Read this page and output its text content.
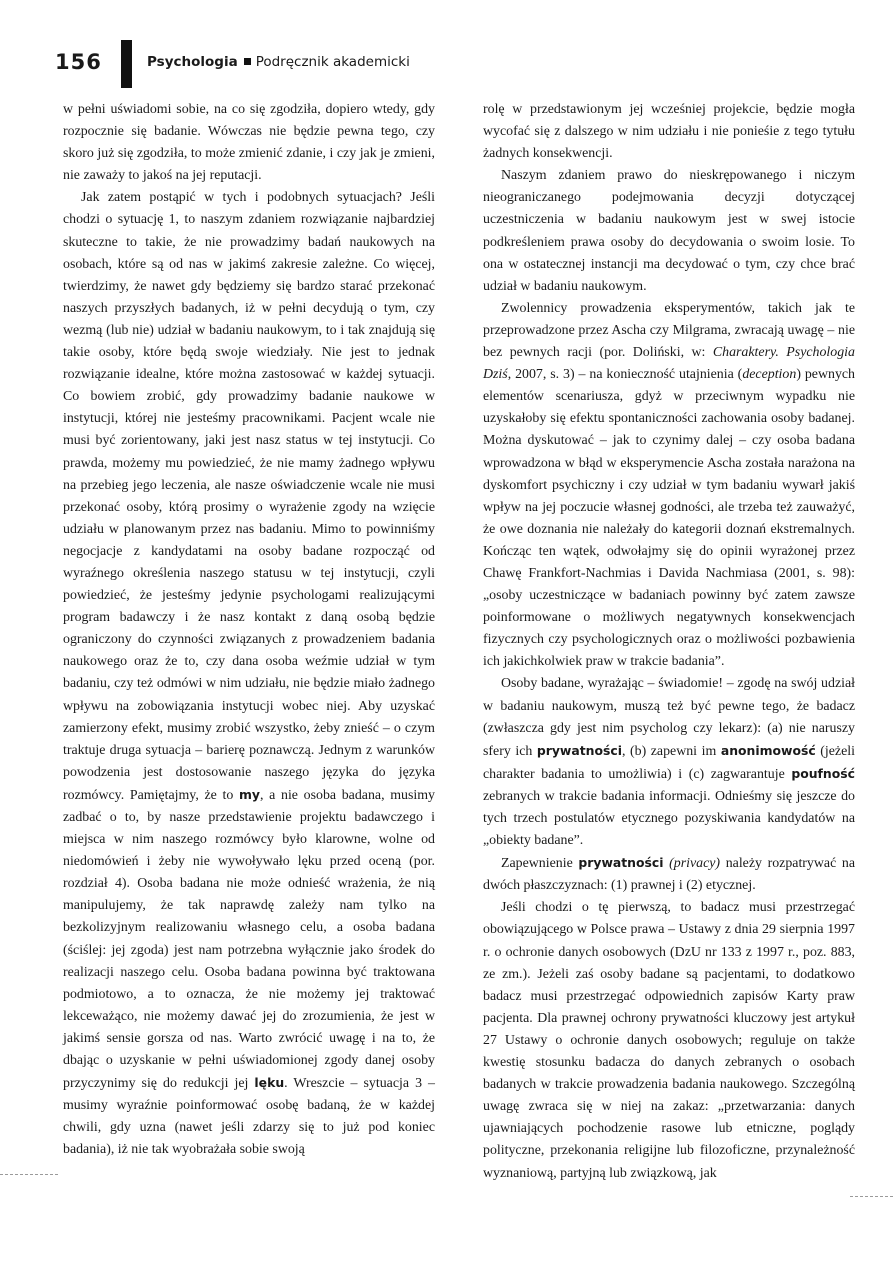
156	Psychologia Podręcznik akademicki

w pełni uświadomi sobie, na co się zgodziła, dopiero wtedy, gdy rozpocznie się badanie. Wówczas nie będzie pewna tego, czy skoro już się zgodziła, to może zmienić zdanie, i czy jak je zmieni, nie zaważy to jakoś na jej reputacji.

Jak zatem postąpić w tych i podobnych sytuacjach? Jeśli chodzi o sytuację 1, to naszym zdaniem rozwiązanie najbardziej skuteczne to takie, że nie prowadzimy badań naukowych na osobach, które są od nas w jakimś zakresie zależne. Co więcej, twierdzimy, że nawet gdy będziemy się bardzo starać przekonać naszych przyszłych badanych, iż w pełni decydują o tym, czy wezmą (lub nie) udział w badaniu naukowym, to i tak znajdują się takie osoby, które będą swoje wiedziały. Nie jest to jednak rozwiązanie idealne, które można zastosować w każdej sytuacji. Co bowiem zrobić, gdy prowadzimy badanie naukowe w instytucji, której nie jesteśmy pracownikami. Pacjent wcale nie musi być zorientowany, jaki jest nasz status w tej instytucji. Co prawda, możemy mu powiedzieć, że nie mamy żadnego wpływu na przebieg jego leczenia, ale nasze oświadczenie wcale nie musi przekonać osoby, którą prosimy o wyrażenie zgody na wzięcie udziału w planowanym przez nas badaniu. Mimo to powinniśmy negocjacje z kandydatami na osoby badane rozpocząć od wyraźnego określenia naszego statusu w tej instytucji, czyli powiedzieć, że jesteśmy jedynie psychologami realizującymi program badawczy i że nasz kontakt z daną osobą będzie ograniczony do czynności związanych z prowadzeniem badania naukowego oraz że to, czy dana osoba weźmie udział w tym badaniu, czy też odmówi w nim udziału, nie będzie miało żadnego wpływu na zobowiązania instytucji wobec niej. Aby uzyskać zamierzony efekt, musimy zrobić wszystko, żeby znieść – o czym traktuje druga sytuacja – barierę poznawczą. Jednym z warunków powodzenia jest dostosowanie naszego języka do języka rozmówcy. Pamiętajmy, że to my, a nie osoba badana, musimy zadbać o to, by nasze przedstawienie projektu badawczego i miejsca w nim naszego rozmówcy było klarowne, wolne od niedomówień i żeby nie wywoływało lęku przed oceną (por. rozdział 4). Osoba badana nie może odnieść wrażenia, że nią manipulujemy, że tak naprawdę zależy nam tylko na bezkolizyjnym realizowaniu własnego celu, a osoba badana (ściślej: jej zgoda) jest nam potrzebna wyłącznie jako środek do realizacji naszego celu. Osoba badana powinna być traktowana podmiotowo, a to oznacza, że nie możemy jej traktować lekceważąco, nie możemy dawać jej do zrozumienia, że jest w jakimś sensie gorsza od nas. Warto zwrócić uwagę i na to, że dbając o uzyskanie w pełni uświadomionej zgody danej osoby przyczynimy się do redukcji jej lęku. Wreszcie – sytuacja 3 – musimy wyraźnie poinformować osobę badaną, że w każdej chwili, gdy uzna (nawet jeśli zdarzy się to już pod koniec badania), iż nie tak wyobrażała sobie swoją

rolę w przedstawionym jej wcześniej projekcie, będzie mogła wycofać się z dalszego w nim udziału i nie ponieśie z tego tytułu żadnych konsekwencji.

Naszym zdaniem prawo do nieskrępowanego i niczym nieograniczanego podejmowania decyzji dotyczącej uczestniczenia w badaniu naukowym jest w swej istocie podkreśleniem prawa osoby do decydowania o swoim losie. To ona w ostatecznej instancji ma decydować o tym, czy chce brać udział w badaniu naukowym.

Zwolennicy prowadzenia eksperymentów, takich jak te przeprowadzone przez Ascha czy Milgrama, zwracają uwagę – nie bez pewnych racji (por. Doliński, w: Charaktery. Psychologia Dziś, 2007, s. 3) – na konieczność utajnienia (deception) pewnych elementów scenariusza, gdyż w przeciwnym wypadku nie uzyskałoby się efektu spontaniczności zachowania osoby badanej. Można dyskutować – jak to czynimy dalej – czy osoba badana wprowadzona w błąd w eksperymencie Ascha została narażona na dyskomfort psychiczny i czy udział w tym badaniu wywarł jakiś wpływ na jej poczucie własnej godności, ale trzeba też zauważyć, że owe doznania nie należały do kategorii doznań ekstremalnych. Kończąc ten wątek, odwołajmy się do opinii wyrażonej przez Chawę Frankfort-Nachmias i Davida Nachmiasa (2001, s. 98): „osoby uczestniczące w badaniach powinny być zatem zawsze poinformowane o możliwych negatywnych konsekwencjach fizycznych czy psychologicznych oraz o możliwości pozbawienia ich jakichkolwiek praw w trakcie badania”.

Osoby badane, wyrażając – świadomie! – zgodę na swój udział w badaniu naukowym, muszą też być pewne tego, że badacz (zwłaszcza gdy jest nim psycholog czy lekarz): (a) nie naruszy sfery ich prywatności, (b) zapewni im anonimowość (jeżeli charakter badania to umożliwia) i (c) zagwarantuje poufność zebranych w trakcie badania informacji. Odnieśmy się jeszcze do tych trzech postulatów etycznego pozyskiwania kandydatów na „obiekty badane”.

Zapewnienie prywatności (privacy) należy rozpatrywać na dwóch płaszczyznach: (1) prawnej i (2) etycznej.

Jeśli chodzi o tę pierwszą, to badacz musi przestrzegać obowiązującego w Polsce prawa – Ustawy z dnia 29 sierpnia 1997 r. o ochronie danych osobowych (DzU nr 133 z 1997 r., poz. 883, ze zm.). Jeżeli zaś osoby badane są pacjentami, to dodatkowo badacz musi przestrzegać odpowiednich zapisów Karty praw pacjenta. Dla prawnej ochrony prywatności kluczowy jest artykuł 27 Ustawy o ochronie danych osobowych; reguluje on także kwestię stosunku badacza do danych zebranych o osobach badanych w trakcie prowadzenia badania naukowego. Szczególną uwagę zwraca się w niej na zakaz: „przetwarzania: danych ujawniających pochodzenie rasowe lub etniczne, poglądy polityczne, przekonania religijne lub filozoficzne, przynależność wyznaniową, partyjną lub związkową, jak
